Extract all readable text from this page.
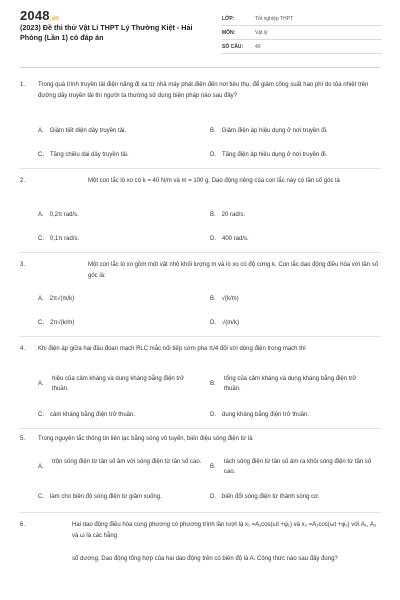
2048.vn
(2023) Đề thi thử Vật Lí THPT Lý Thường Kiệt - Hải Phòng (Lần 1) có đáp án
LỚP:	Tốt nghiệp THPT
MÔN:	Vật lý
SỐ CÂU:	40
1. Trong quá trình truyền tải điện năng đi xa từ nhà máy phát điện đến nơi tiêu thụ, để giảm công suất hao phí do tỏa nhiệt trên đường dây truyền tải thì người ta thường sử dụng biện pháp nào sau đây?
A. Giảm tiết diện dây truyền tải.	B. Giảm điện áp hiệu dụng ở nơi truyền đi.
C. Tăng chiều dài dây truyền tải.	D. Tăng điện áp hiệu dụng ở nơi truyền đi.
2.	Một con lắc lò xo có k = 40 N/m và m = 100 g. Dao động riêng của con lắc này có tần số góc là
A. 0,2π rad/s.	B. 20 rad/s.
C. 0,1π rad/s.	D. 400 rad/s.
3.	Một con lắc lò xo gồm một vật nhỏ khối lượng m và lò xo có độ cứng k. Con lắc dao động điều hòa với tần số góc là:
A. 2π√(m/k)	B. √(k/m)
C. 2π√(k/m)	D. √(m/k)
4. Khi điện áp giữa hai đầu đoạn mạch RLC mắc nối tiếp sớm pha π/4 đối với dòng điện trong mạch thì
A.
hiệu của cảm kháng và dung kháng bằng điện trở thuần.
B.
tổng của cảm kháng và dung kháng bằng điện trở thuần.
C. cảm kháng bằng điện trở thuần.	D. dung kháng bằng điện trở thuần.
5. Trong nguyên tắc thông tin liên lạc bằng sóng vô tuyến, biến điệu sóng điện từ là
A.
trộn sóng điện từ tần số âm với sóng điện từ tần số cao.
B.
tách sóng điện từ tần số âm ra khỏi sóng điện từ tần số cao.
C. làm cho biên độ sóng điện từ giảm xuống.	D. biến đổi sóng điện từ thành sóng cơ.
6.	Hai dao động điều hòa cùng phương có phương trình lần lượt là x₁ =A₁cos(ωt +φ₁) và x₂ =A₂cos(ωt +φ₂) với A₁, A₂ và ω là các hằng
số dương. Dao động tổng hợp của hai dao động trên có biên độ là A. Công thức nào sau đây đúng?
